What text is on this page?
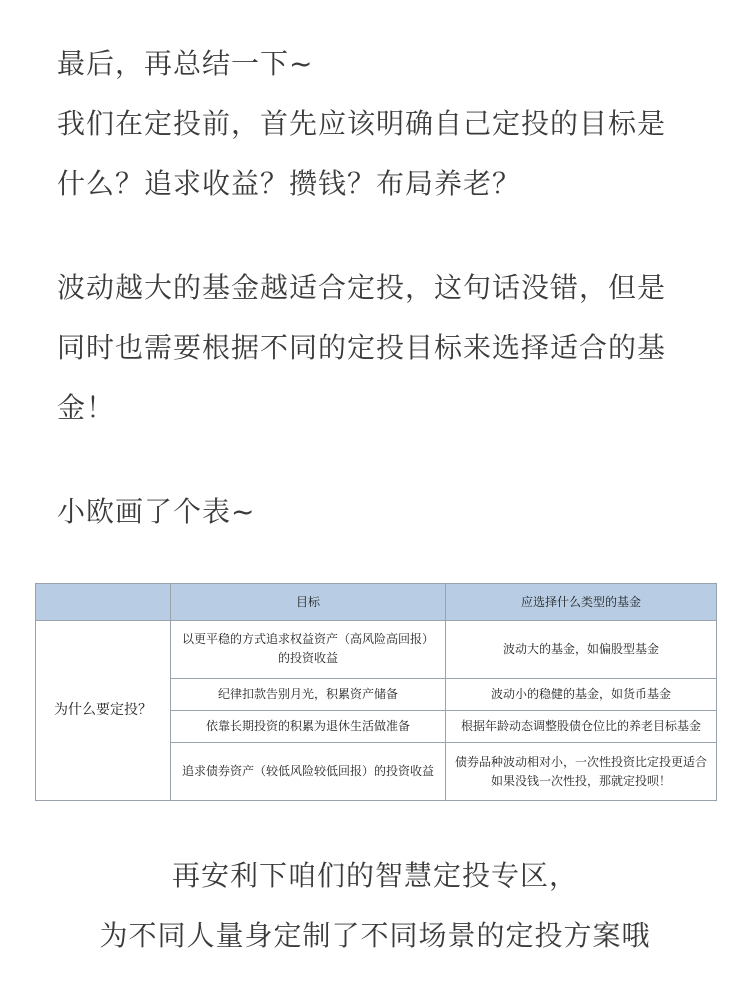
最后，再总结一下~
我们在定投前，首先应该明确自己定投的目标是
什么？追求收益？攒钱？布局养老？
波动越大的基金越适合定投，这句话没错，但是
同时也需要根据不同的定投目标来选择适合的基
金！
小欧画了个表~
	目标	应选择什么类型的基金
为什么要定投？	以更平稳的方式追求权益资产（高风险高回报）
的投资收益	波动大的基金，如偏股型基金

	纪律扣款告别月光，积累资产储备	波动小的稳健的基金，如货币基金

	依靠长期投资的积累为退休生活做准备	根据年龄动态调整股债仓位比的养老目标基金

	追求债券资产（较低风险较低回报）的投资收益	债券品种波动相对小，一次性投资比定投更适合
如果没钱一次性投，那就定投呗！
再安利下咱们的智慧定投专区，
为不同人量身定制了不同场景的定投方案哦
